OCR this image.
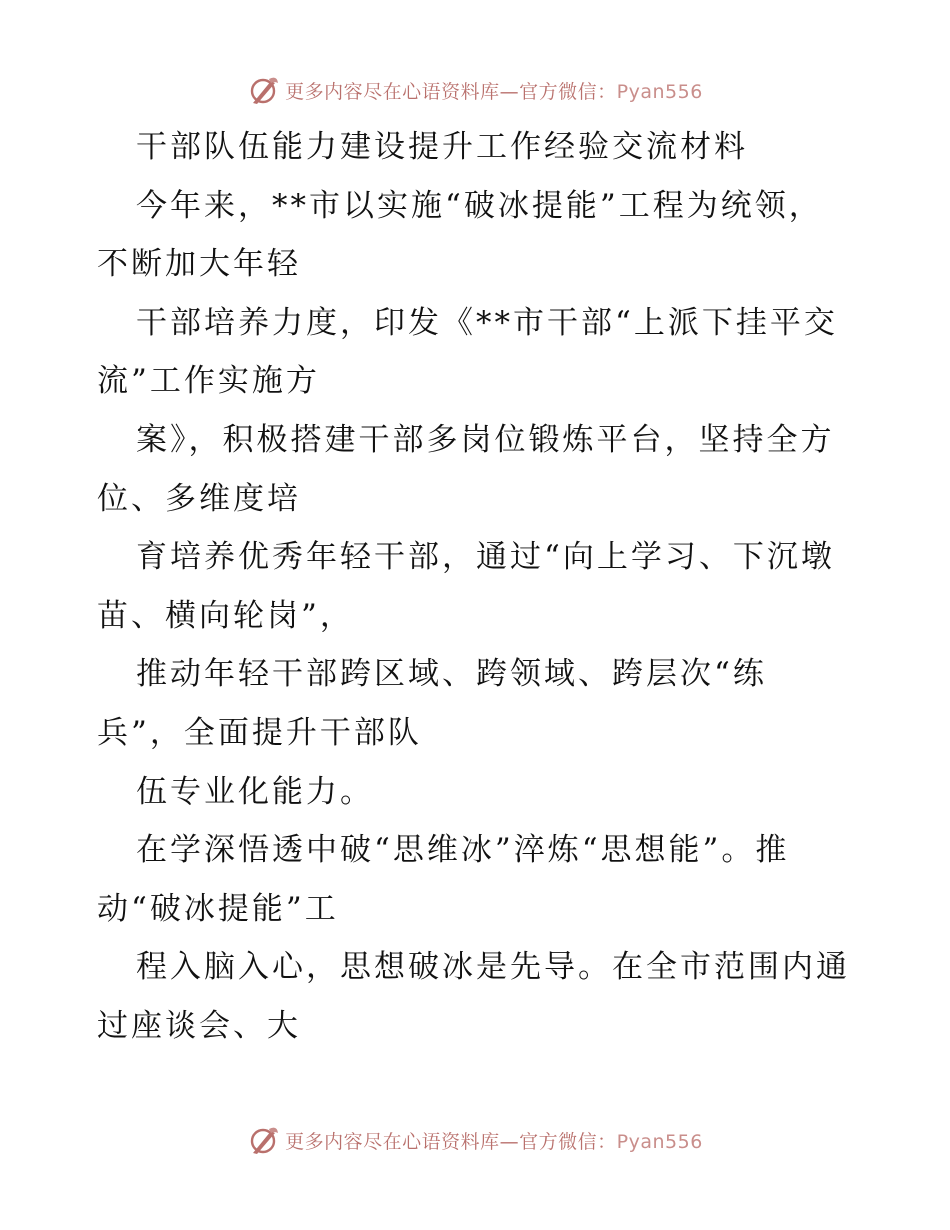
更多内容尽在心语资料库—官方微信：Pyan556
干部队伍能力建设提升工作经验交流材料
今年来，**市以实施“破冰提能”工程为统领，
不断加大年轻
干部培养力度，印发《**市干部“上派下挂平交
流”工作实施方
案》，积极搭建干部多岗位锻炼平台，坚持全方
位、多维度培
育培养优秀年轻干部，通过“向上学习、下沉墩
苗、横向轮岗”，
推动年轻干部跨区域、跨领域、跨层次“练
兵”，全面提升干部队
伍专业化能力。
在学深悟透中破“思维冰”淬炼“思想能”。推
动“破冰提能”工
程入脑入心，思想破冰是先导。在全市范围内通
过座谈会、大
更多内容尽在心语资料库—官方微信：Pyan556
